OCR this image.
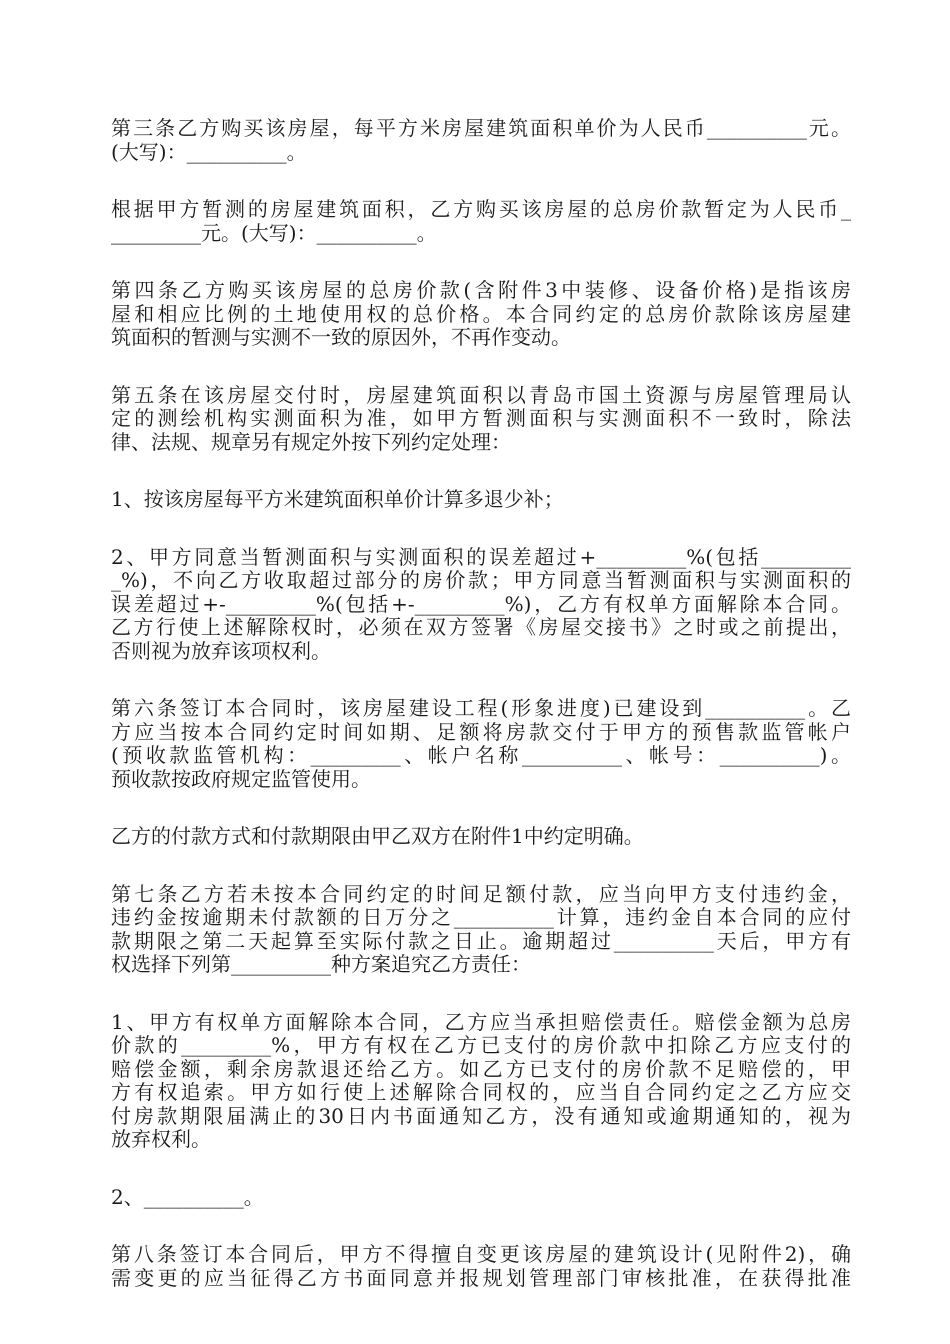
第三条乙方购买该房屋，每平方米房屋建筑面积单价为人民币__________元。
(大写)：__________。

根据甲方暂测的房屋建筑面积，乙方购买该房屋的总房价款暂定为人民币_
_________元。(大写)：__________。

第四条乙方购买该房屋的总房价款(含附件3中装修、设备价格)是指该房
屋和相应比例的土地使用权的总价格。本合同约定的总房价款除该房屋建
筑面积的暂测与实测不一致的原因外，不再作变动。

第五条在该房屋交付时，房屋建筑面积以青岛市国土资源与房屋管理局认
定的测绘机构实测面积为准，如甲方暂测面积与实测面积不一致时，除法
律、法规、规章另有规定外按下列约定处理：

1、按该房屋每平方米建筑面积单价计算多退少补；

2、甲方同意当暂测面积与实测面积的误差超过+_________%(包括_________
_%)，不向乙方收取超过部分的房价款；甲方同意当暂测面积与实测面积的
误差超过+-_________%(包括+-_________%)，乙方有权单方面解除本合同。
乙方行使上述解除权时，必须在双方签署《房屋交接书》之时或之前提出，
否则视为放弃该项权利。

第六条签订本合同时，该房屋建设工程(形象进度)已建设到__________。乙
方应当按本合同约定时间如期、足额将房款交付于甲方的预售款监管帐户
(预收款监管机构：_________、帐户名称__________、帐号：__________)。
预收款按政府规定监管使用。

乙方的付款方式和付款期限由甲乙双方在附件1中约定明确。

第七条乙方若未按本合同约定的时间足额付款，应当向甲方支付违约金，
违约金按逾期未付款额的日万分之__________计算，违约金自本合同的应付
款期限之第二天起算至实际付款之日止。逾期超过__________天后，甲方有
权选择下列第__________种方案追究乙方责任：

1、甲方有权单方面解除本合同，乙方应当承担赔偿责任。赔偿金额为总房
价款的_________%，甲方有权在乙方已支付的房价款中扣除乙方应支付的
赔偿金额，剩余房款退还给乙方。如乙方已支付的房价款不足赔偿的，甲
方有权追索。甲方如行使上述解除合同权的，应当自合同约定之乙方应交
付房款期限届满止的30日内书面通知乙方，没有通知或逾期通知的，视为
放弃权利。

2、__________。

第八条签订本合同后，甲方不得擅自变更该房屋的建筑设计(见附件2)，确
需变更的应当征得乙方书面同意并报规划管理部门审核批准，在获得批准
